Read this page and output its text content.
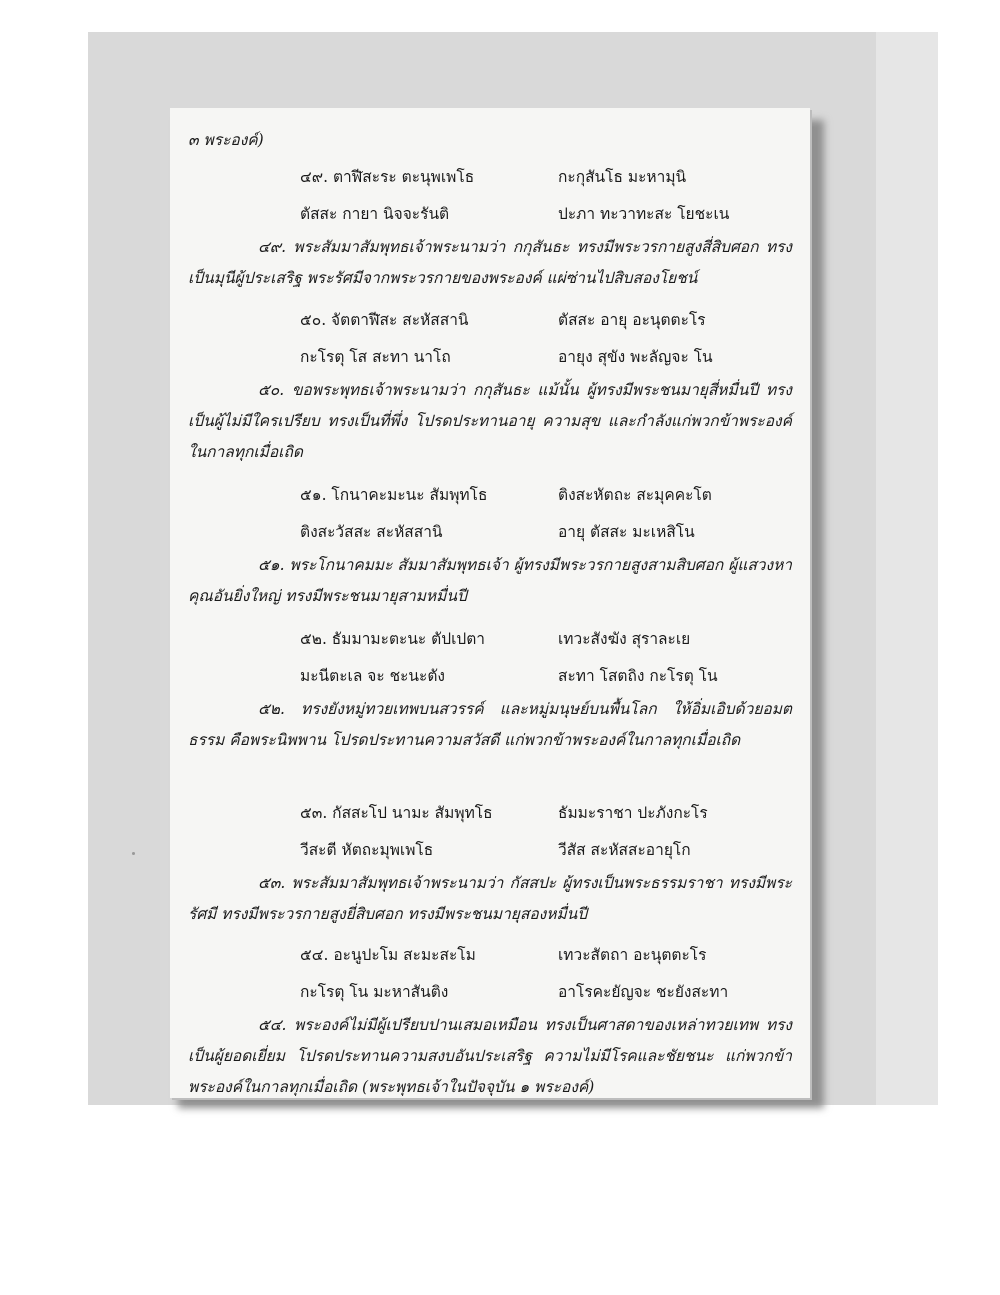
๓ พระองค์)
๔๙. ตาฬีสะระ ตะนุพเพโธ	กะกุสันโธ มะหามุนิ
ตัสสะ กายา นิจจะรันติ	ปะภา ทะวาทะสะ โยชะเน
๔๙. พระสัมมาสัมพุทธเจ้าพระนามว่า กกุสันธะ ทรงมีพระวรกายสูงสี่สิบศอก ทรงเป็นมุนีผู้ประเสริฐ พระรัศมีจากพระวรกายของพระองค์ แผ่ซ่านไปสิบสองโยชน์
๕๐. จัตตาฬีสะ สะหัสสานิ	ตัสสะ อายุ อะนุตตะโร
กะโรตุ โส สะทา นาโถ	อายุง สุขัง พะลัญจะ โน
๕๐. ขอพระพุทธเจ้าพระนามว่า กกุสันธะ แม้นั้น ผู้ทรงมีพระชนมายุสี่หมื่นปี ทรงเป็นผู้ไม่มีใครเปรียบ ทรงเป็นที่พึ่ง โปรดประทานอายุ ความสุข และกำลังแก่พวกข้าพระองค์ ในกาลทุกเมื่อเถิด
๕๑. โกนาคะมะนะ สัมพุทโธ	ติงสะหัตถะ สะมุคคะโต
ติงสะวัสสะ สะหัสสานิ	อายุ ตัสสะ มะเหสิโน
๕๑. พระโกนาคมมะ สัมมาสัมพุทธเจ้า ผู้ทรงมีพระวรกายสูงสามสิบศอก ผู้แสวงหาคุณอันยิ่งใหญ่ ทรงมีพระชนมายุสามหมื่นปี
๕๒. ธัมมามะตะนะ ตัปเปตา	เทวะสังฆัง สุราละเย
มะนีตะเล จะ ชะนะตัง	สะทา โสตถิง กะโรตุ โน
๕๒. ทรงยังหมู่ทวยเทพบนสวรรค์ และหมู่มนุษย์บนพื้นโลก ให้อิ่มเอิบด้วยอมตธรรม คือพระนิพพาน โปรดประทานความสวัสดี แก่พวกข้าพระองค์ในกาลทุกเมื่อเถิด
๕๓. กัสสะโป นามะ สัมพุทโธ	ธัมมะราชา ปะภังกะโร
วีสะตี หัตถะมุพเพโธ	วีสัส สะหัสสะอายุโก
๕๓. พระสัมมาสัมพุทธเจ้าพระนามว่า กัสสปะ ผู้ทรงเป็นพระธรรมราชา ทรงมีพระรัศมี ทรงมีพระวรกายสูงยี่สิบศอก ทรงมีพระชนมายุสองหมื่นปี
๕๔. อะนูปะโม สะมะสะโม	เทวะสัตถา อะนุตตะโร
กะโรตุ โน มะหาสันติง	อาโรคะยัญจะ ชะยังสะทา
๕๔. พระองค์ไม่มีผู้เปรียบปานเสมอเหมือน ทรงเป็นศาสดาของเหล่าทวยเทพ ทรงเป็นผู้ยอดเยี่ยม โปรดประทานความสงบอันประเสริฐ ความไม่มีโรคและชัยชนะ แก่พวกข้าพระองค์ในกาลทุกเมื่อเถิด (พระพุทธเจ้าในปัจจุบัน ๑ พระองค์)
